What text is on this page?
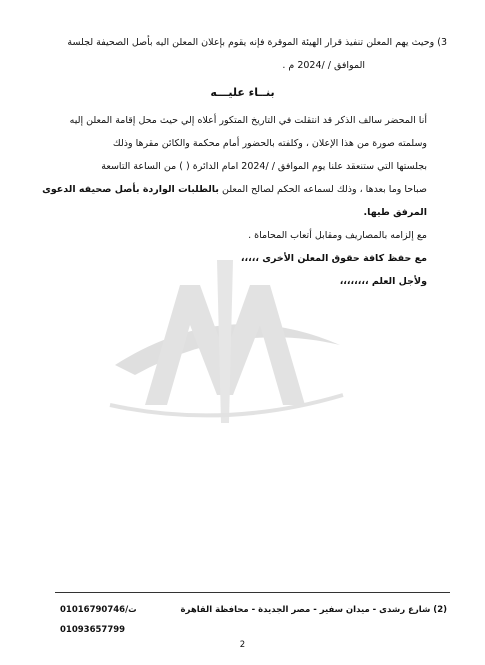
3) وحيث يهم المعلن تنفيذ قرار الهيئة الموقرة فإنه يقوم بإعلان المعلن اليه بأصل الصحيفة لجلسة
الموافق / /2024 م .
بنــاء عليـــه
أنا المحضر سالف الذكر قد انتقلت في التاريخ المتكور أعلاه إلي حيث محل إقامة المعلن إليه
وسلمته صورة من هذا الإعلان ، وكلفته بالحضور أمام محكمة والكائن مقرها وذلك
بجلستها التي ستنعقد علنا يوم الموافق / /2024 امام الدائرة ( ) من الساعة التاسعة
صباحا وما بعدها ، وذلك لسماعه الحكم لصالح المعلن بالطلبات الواردة بأصل صحيفه الدعوى
المرفق طيها.
مع إلزامه بالمصاريف ومقابل أتعاب المحاماة .
مع حفظ كافة حقوق المعلن الأخرى ،،،،،
ولأجل العلم ،،،،،،،،
(2) شارع رشدى - ميدان سفير - مصر الجديدة - محافظة القاهرة
ت/01016790746
01093657799
2
